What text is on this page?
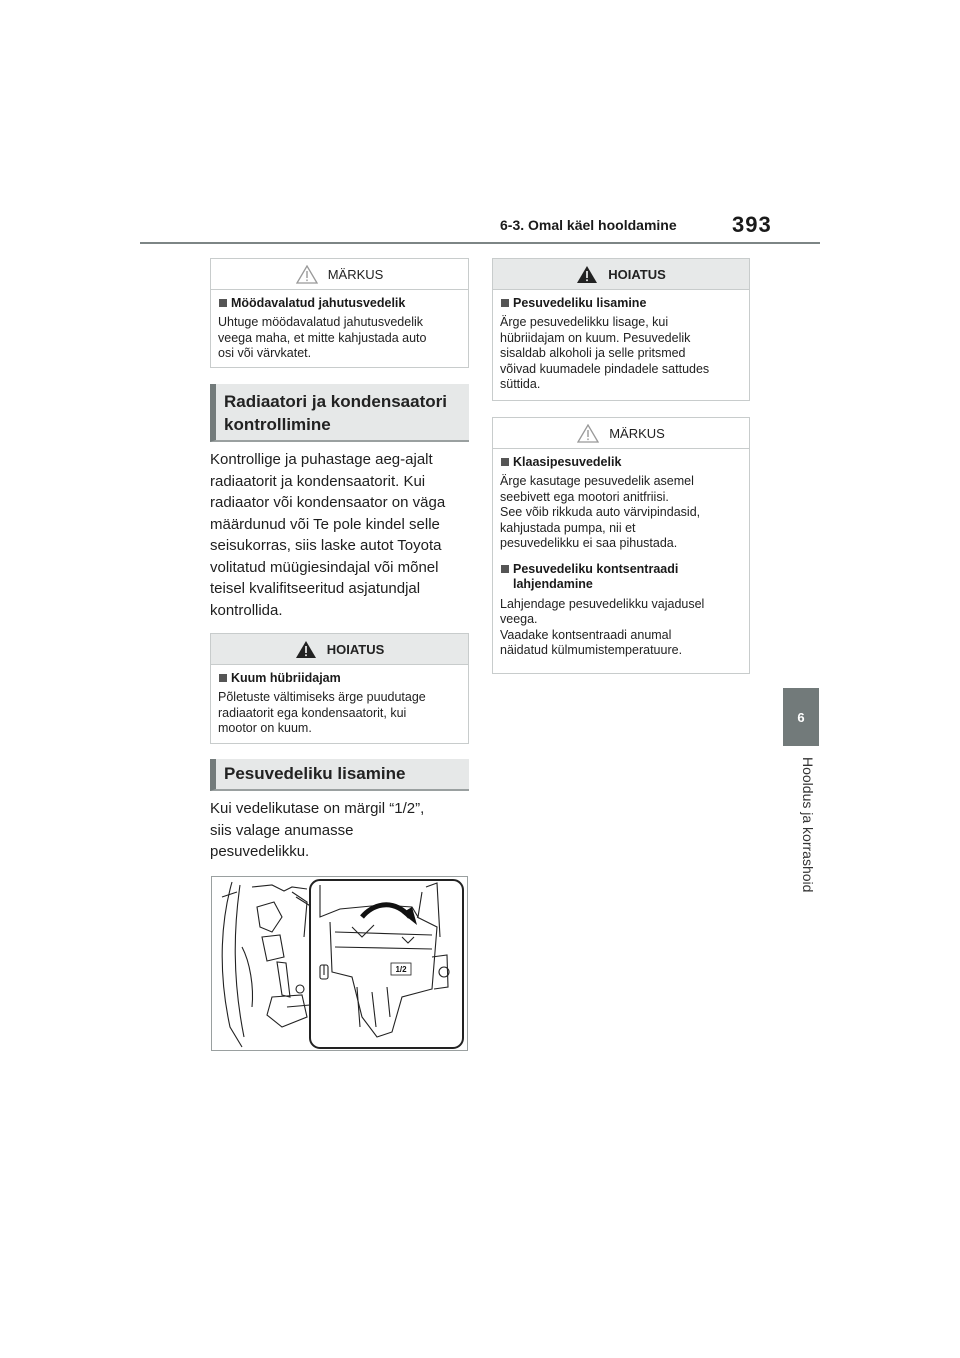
6-3. Omal käel hooldamine	393
6
Hooldus ja korrashoid
MÄRKUS
Möödavalatud jahutusvedelik
Uhtuge möödavalatud jahutusvedelik
veega maha, et mitte kahjustada auto
osi või värvkatet.
Radiaatori ja kondensaatori kontrollimine
Kontrollige ja puhastage aeg-ajalt
radiaatorit ja kondensaatorit. Kui
radiaator või kondensaator on väga
määrdunud või Te pole kindel selle
seisukorras, siis laske autot Toyota
volitatud müügiesindajal või mõnel
teisel kvalifitseeritud asjatundjal
kontrollida.
HOIATUS
Kuum hübriidajam
Põletuste vältimiseks ärge puudutage
radiaatorit ega kondensaatorit, kui
mootor on kuum.
Pesuvedeliku lisamine
Kui vedelikutase on märgil “1/2”,
siis valage anumasse
pesuvedelikku.
1/2
HOIATUS
Pesuvedeliku lisamine
Ärge pesuvedelikku lisage, kui
hübriidajam on kuum. Pesuvedelik
sisaldab alkoholi ja selle pritsmed
võivad kuumadele pindadele sattudes
süttida.
MÄRKUS
Klaasipesuvedelik
Ärge kasutage pesuvedelik asemel
seebivett ega mootori anitfriisi.
See võib rikkuda auto värvipindasid,
kahjustada pumpa, nii et
pesuvedelikku ei saa pihustada.
Pesuvedeliku kontsentraadi
lahjendamine
Lahjendage pesuvedelikku vajadusel
veega.
Vaadake kontsentraadi anumal
näidatud külmumistemperatuure.
